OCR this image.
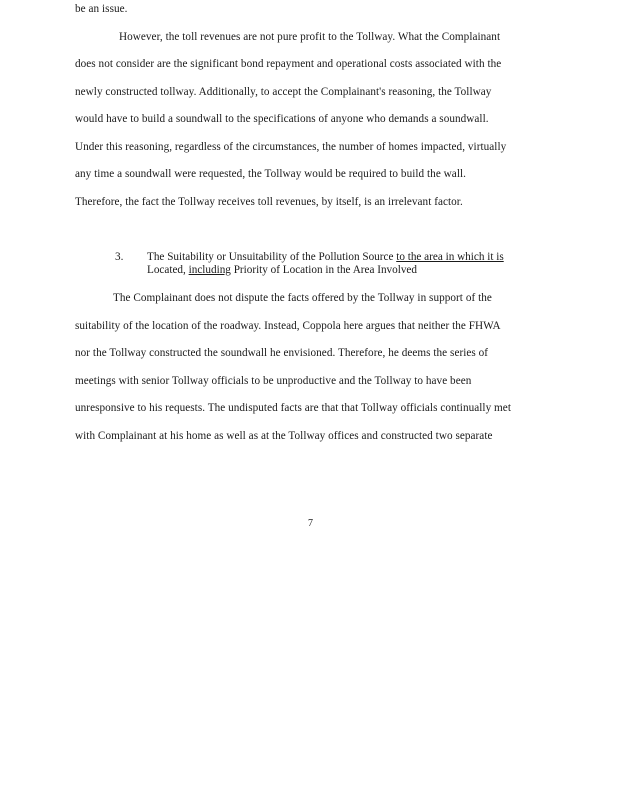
be an issue.
However, the toll revenues are not pure profit to the Tollway. What the Complainant
does not consider are the significant bond repayment and operational costs associated with the
newly constructed tollway. Additionally, to accept the Complainant's reasoning, the Tollway
would have to build a soundwall to the specifications of anyone who demands a soundwall.
Under this reasoning, regardless of the circumstances, the number of homes impacted, virtually
any time a soundwall were requested, the Tollway would be required to build the wall.
Therefore, the fact the Tollway receives toll revenues, by itself, is an irrelevant factor.
3. The Suitability or Unsuitability of the Pollution Source to the area in which it is
Located, including Priority of Location in the Area Involved
The Complainant does not dispute the facts offered by the Tollway in support of the
suitability of the location of the roadway. Instead, Coppola here argues that neither the FHWA
nor the Tollway constructed the soundwall he envisioned. Therefore, he deems the series of
meetings with senior Tollway officials to be unproductive and the Tollway to have been
unresponsive to his requests. The undisputed facts are that that Tollway officials continually met
with Complainant at his home as well as at the Tollway offices and constructed two separate
7
